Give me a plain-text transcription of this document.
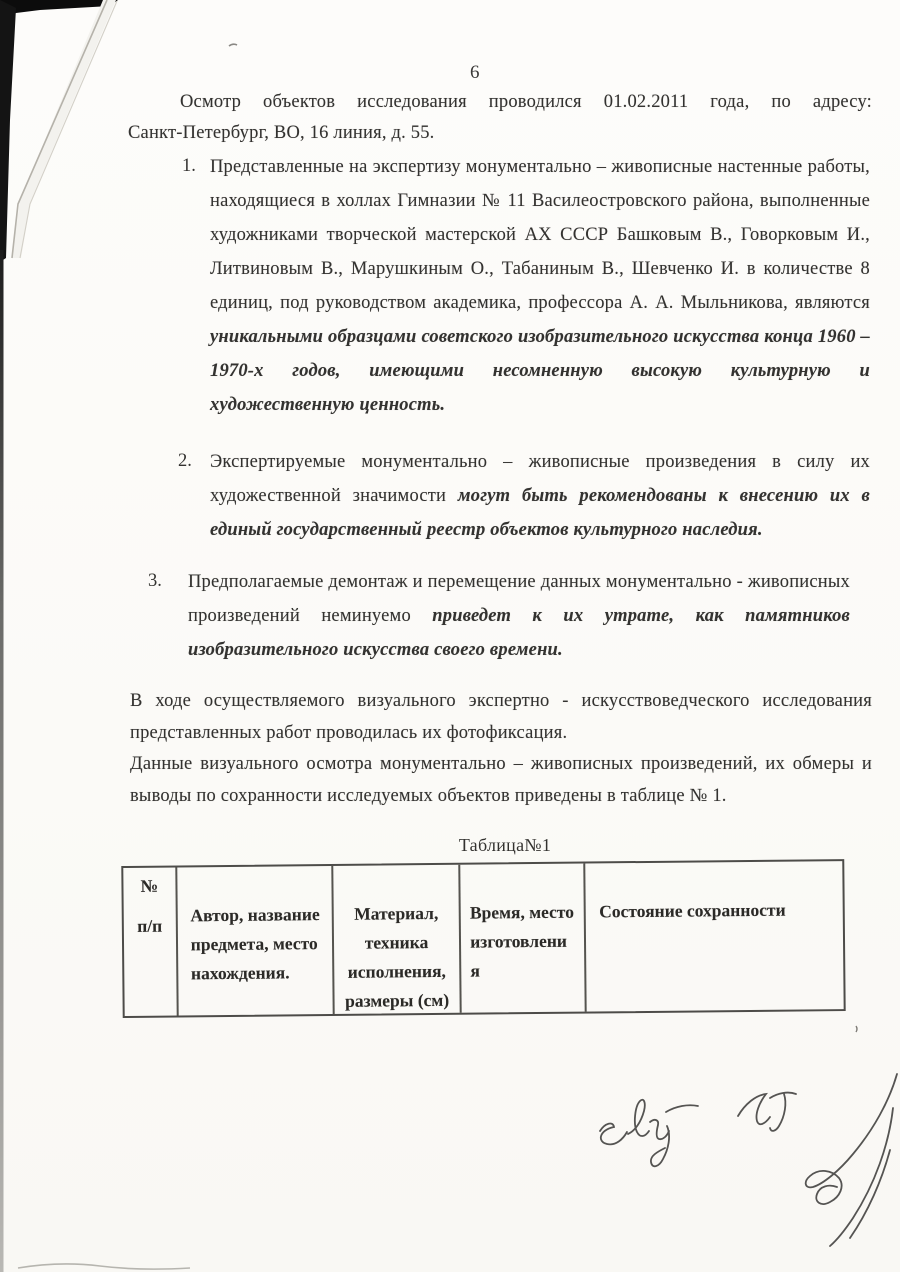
6
Осмотр объектов исследования проводился 01.02.2011 года, по адресу:
Санкт-Петербург, ВО, 16 линия, д. 55.
1. Представленные на экспертизу монументально – живописные настенные работы,
находящиеся в холлах Гимназии № 11 Василеостровского района, выполненные
художниками творческой мастерской АХ СССР Башковым В., Говорковым И.,
Литвиновым В., Марушкиным О., Табаниным В., Шевченко И. в количестве 8
единиц, под руководством академика, профессора А. А. Мыльникова, являются
уникальными образцами советского изобразительного искусства конца 1960 –
1970-х годов, имеющими несомненную высокую культурную и
художественную ценность.
2. Экспертируемые монументально – живописные произведения в силу их
художественной значимости могут быть рекомендованы к внесению их в
единый государственный реестр объектов культурного наследия.
3. Предполагаемые демонтаж и перемещение данных монументально - живописных
произведений неминуемо приведет к их утрате, как памятников
изобразительного искусства своего времени.
В ходе осуществляемого визуального экспертно - искусствоведческого исследования
представленных работ проводилась их фотофиксация.
Данные визуального осмотра монументально – живописных произведений, их обмеры и
выводы по сохранности исследуемых объектов приведены в таблице № 1.
Таблица№1
№
п/п
Автор, название
предмета, место
нахождения.
Материал,
техника
исполнения,
размеры (см)
Время, место
изготовлени
я
Состояние сохранности
